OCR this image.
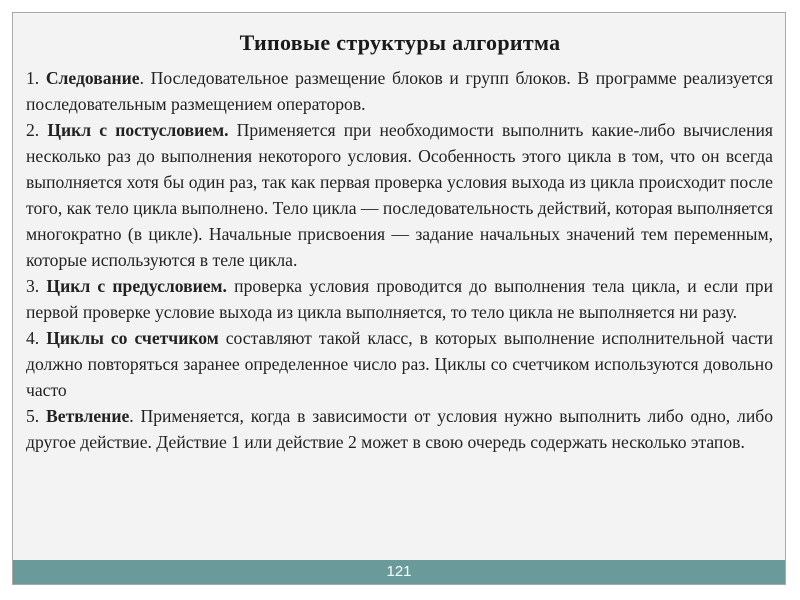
Типовые структуры алгоритма

1. Следование. Последовательное размещение блоков и групп блоков. В программе реализуется последовательным размещением операторов.

2. Цикл с постусловием. Применяется при необходимости выполнить какие-либо вычисления несколько раз до выполнения некоторого условия. Особенность этого цикла в том, что он всегда выполняется хотя бы один раз, так как первая проверка условия выхода из цикла происходит после того, как тело цикла выполнено. Тело цикла — последовательность действий, которая выполняется многократно (в цикле). Начальные присвоения — задание начальных значений тем переменным, которые используются в теле цикла.

3. Цикл с предусловием. проверка условия проводится до выполнения тела цикла, и если при первой проверке условие выхода из цикла выполняется, то тело цикла не выполняется ни разу.

4. Циклы со счетчиком составляют такой класс, в которых выполнение исполнительной части должно повторяться заранее определенное число раз. Циклы со счетчиком используются довольно часто

5. Ветвление. Применяется, когда в зависимости от условия нужно выполнить либо одно, либо другое действие. Действие 1 или действие 2 может в свою очередь содержать несколько этапов.

121
